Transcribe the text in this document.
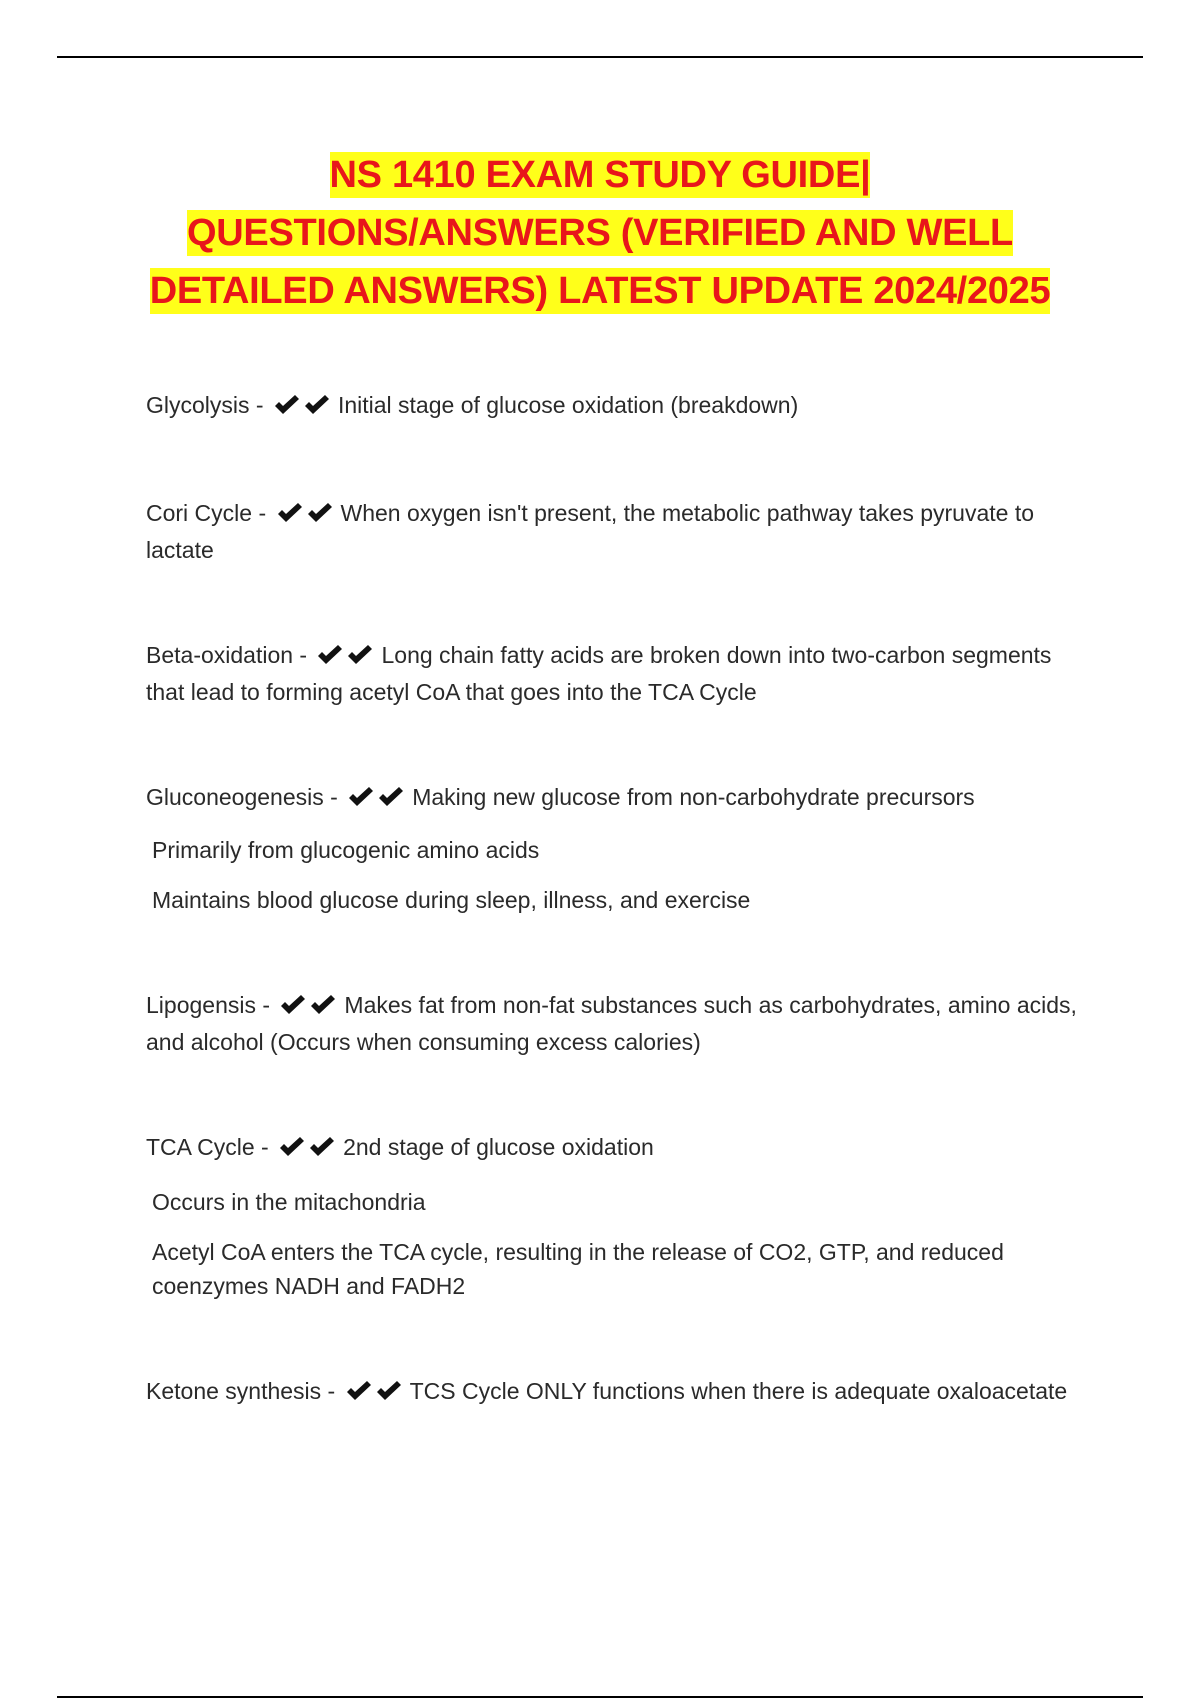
NS 1410 EXAM STUDY GUIDE|
QUESTIONS/ANSWERS (VERIFIED AND WELL
DETAILED ANSWERS) LATEST UPDATE 2024/2025
Glycolysis -	Initial stage of glucose oxidation (breakdown)
Cori Cycle -	When oxygen isn't present, the metabolic pathway takes pyruvate to lactate
Beta-oxidation -	Long chain fatty acids are broken down into two-carbon segments that lead to forming acetyl CoA that goes into the TCA Cycle
Gluconeogenesis -	Making new glucose from non-carbohydrate precursors
Primarily from glucogenic amino acids
Maintains blood glucose during sleep, illness, and exercise
Lipogensis -	Makes fat from non-fat substances such as carbohydrates, amino acids, and alcohol (Occurs when consuming excess calories)
TCA Cycle -	2nd stage of glucose oxidation
Occurs in the mitachondria
Acetyl CoA enters the TCA cycle, resulting in the release of CO2, GTP, and reduced coenzymes NADH and FADH2
Ketone synthesis -	TCS Cycle ONLY functions when there is adequate oxaloacetate
